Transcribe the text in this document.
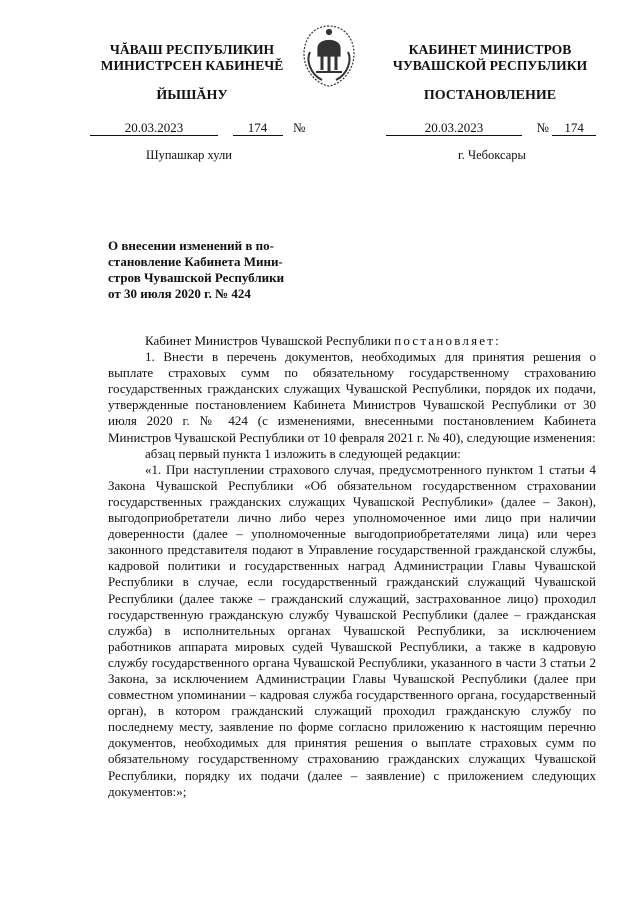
ЧĂВАШ РЕСПУБЛИКИН
МИНИСТРСЕН КАБИНЕЧĚ
ЙЫШĂНУ
КАБИНЕТ МИНИСТРОВ
ЧУВАШСКОЙ РЕСПУБЛИКИ
ПОСТАНОВЛЕНИЕ
20.03.2023	174 №	20.03.2023	№ 174
Шупашкар хули	г. Чебоксары

О внесении изменений в по-

становление Кабинета Мини-

стров Чувашской Республики

от 30 июля 2020 г. № 424

Кабинет Министров Чувашской Республики постановляет:

1. Внести в перечень документов, необходимых для принятия решения о выплате страховых сумм по обязательному государственному страхованию государственных гражданских служащих Чувашской Республики, порядок их подачи, утвержденные постановлением Кабинета Министров Чувашской Республики от 30 июля 2020 г. № 424 (с изменениями, внесенными постановлением Кабинета Министров Чувашской Республики от 10 февраля 2021 г. № 40), следующие изменения:

абзац первый пункта 1 изложить в следующей редакции:

«1. При наступлении страхового случая, предусмотренного пунктом 1 статьи 4 Закона Чувашской Республики «Об обязательном государственном страховании государственных гражданских служащих Чувашской Республики» (далее – Закон), выгодоприобретатели лично либо через уполномоченное ими лицо при наличии доверенности (далее – уполномоченные выгодоприобретателями лица) или через законного представителя подают в Управление государственной гражданской службы, кадровой политики и государственных наград Администрации Главы Чувашской Республики в случае, если государственный гражданский служащий Чувашской Республики (далее также – гражданский служащий, застрахованное лицо) проходил государственную гражданскую службу Чувашской Республики (далее – гражданская служба) в исполнительных органах Чувашской Республики, за исключением работников аппарата мировых судей Чувашской Республики, а также в кадровую службу государственного органа Чувашской Республики, указанного в части 3 статьи 2 Закона, за исключением Администрации Главы Чувашской Республики (далее при совместном упоминании – кадровая служба государственного органа, государственный орган), в котором гражданский служащий проходил гражданскую службу по последнему месту, заявление по форме согласно приложению к настоящим перечню документов, необходимых для принятия решения о выплате страховых сумм по обязательному государственному страхованию гражданских служащих Чувашской Республики, порядку их подачи (далее – заявление) с приложением следующих документов:»;
